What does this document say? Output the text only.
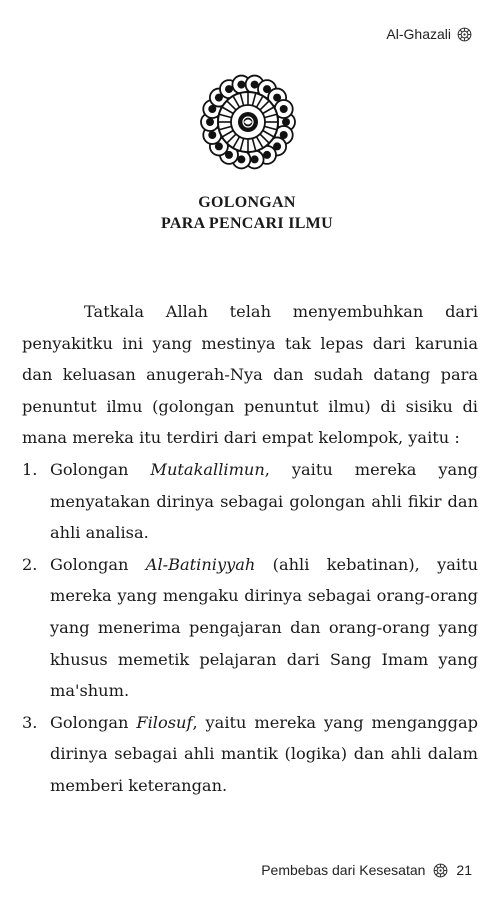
Al-Ghazali
GOLONGAN
PARA PENCARI ILMU

Tatkala Allah telah menyembuhkan dari penyakitku ini yang mestinya tak lepas dari karunia dan keluasan anugerah-Nya dan sudah datang para penuntut ilmu (golongan penuntut ilmu) di sisiku di mana mereka itu terdiri dari empat kelompok, yaitu :

1. Golongan Mutakallimun, yaitu mereka yang menyatakan dirinya sebagai golongan ahli fikir dan ahli analisa.
2. Golongan Al-Batiniyyah (ahli kebatinan), yaitu mereka yang mengaku dirinya sebagai orang-orang yang menerima pengajaran dan orang-orang yang khusus memetik pelajaran dari Sang Imam yang ma'shum.
3. Golongan Filosuf, yaitu mereka yang menganggap dirinya sebagai ahli mantik (logika) dan ahli dalam memberi keterangan.
Pembebas dari Kesesatan 21
